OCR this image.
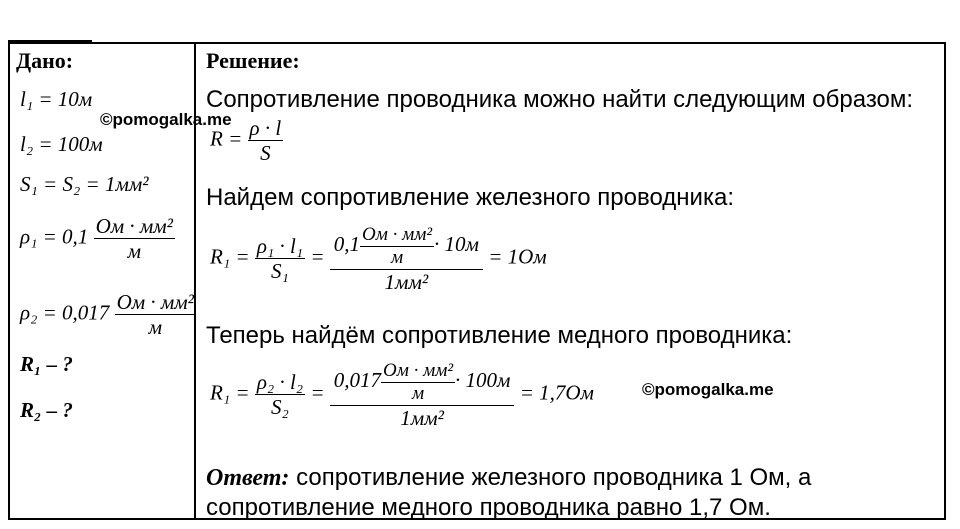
Дано:
l₁ = 10м
©pomogalka.me
l₂ = 100м
S₁ = S₂ = 1мм²
$\rho_1 = 0,1 \frac{\text{Ом · мм²}}{м}$
$\rho_2 = 0,017 \frac{\text{Ом · мм²}}{м}$
R₁ – ?
R₂ – ?
Решение:
Сопротивление проводника можно найти следующим образом:
$R = \frac{\rho \cdot l}{S}$
Найдем сопротивление железного проводника:
$R_1 = \frac{\text{ρ₁ · l₁}}{\text{S₁}} = \frac{0,1 \frac{\text{Ом · мм²}}{м} \cdot 10м}{\text{1мм²}} = 1Ом$
Теперь найдём сопротивление медного проводника:
©pomogalka.me
$R_1 = \frac{\text{ρ₂ · l₂}}{\text{S₂}} = \frac{0,017 \frac{\text{Ом · мм²}}{м} \cdot 100м}{\text{1мм²}} = 1,7Ом$
Ответ: сопротивление железного проводника 1 Ом, а
сопротивление медного проводника равно 1,7 Ом.
